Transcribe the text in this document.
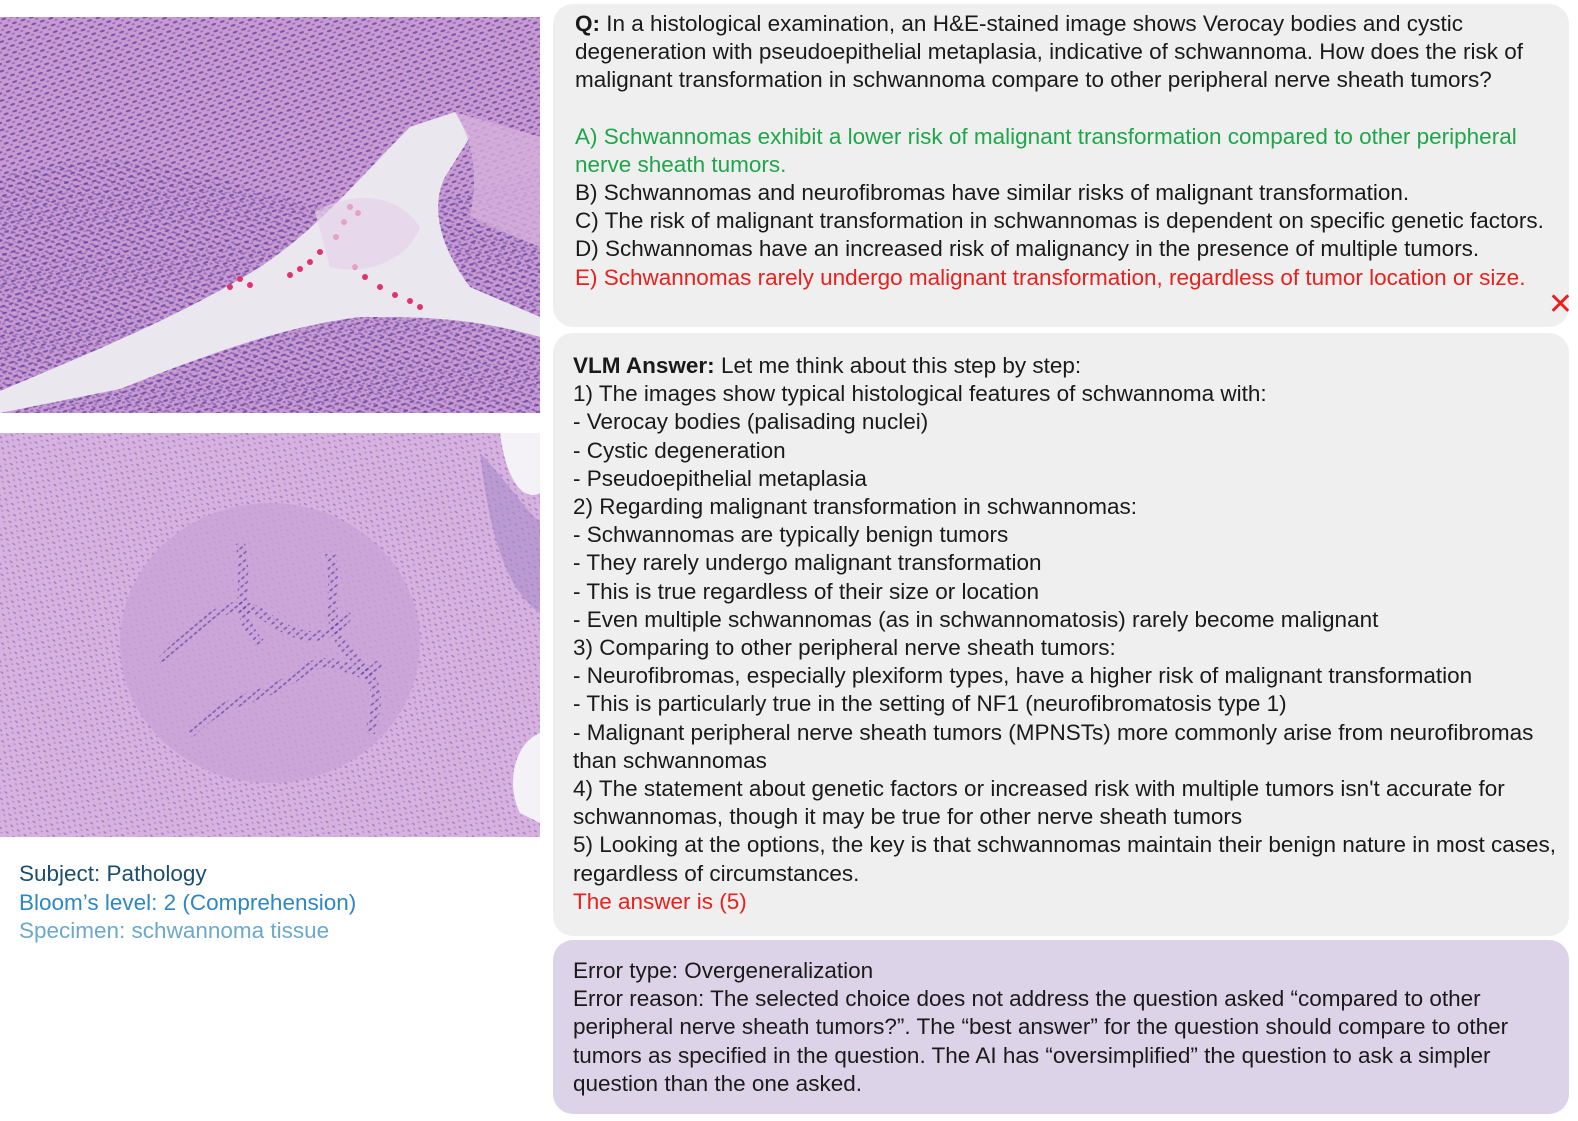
Subject: Pathology
Bloom’s level: 2 (Comprehension)
Specimen: schwannoma tissue
Q: In a histological examination, an H&E-stained image shows Verocay bodies and cystic degeneration with pseudoepithelial metaplasia, indicative of schwannoma. How does the risk of malignant transformation in schwannoma compare to other peripheral nerve sheath tumors?
A) Schwannomas exhibit a lower risk of malignant transformation compared to other peripheral nerve sheath tumors.
B) Schwannomas and neurofibromas have similar risks of malignant transformation.
C) The risk of malignant transformation in schwannomas is dependent on specific genetic factors.
D) Schwannomas have an increased risk of malignancy in the presence of multiple tumors.
E) Schwannomas rarely undergo malignant transformation, regardless of tumor location or size.
✕
VLM Answer: Let me think about this step by step:
1) The images show typical histological features of schwannoma with:
- Verocay bodies (palisading nuclei)
- Cystic degeneration
- Pseudoepithelial metaplasia
2) Regarding malignant transformation in schwannomas:
- Schwannomas are typically benign tumors
- They rarely undergo malignant transformation
- This is true regardless of their size or location
- Even multiple schwannomas (as in schwannomatosis) rarely become malignant
3) Comparing to other peripheral nerve sheath tumors:
- Neurofibromas, especially plexiform types, have a higher risk of malignant transformation
- This is particularly true in the setting of NF1 (neurofibromatosis type 1)
- Malignant peripheral nerve sheath tumors (MPNSTs) more commonly arise from neurofibromas than schwannomas
4) The statement about genetic factors or increased risk with multiple tumors isn't accurate for schwannomas, though it may be true for other nerve sheath tumors
5) Looking at the options, the key is that schwannomas maintain their benign nature in most cases, regardless of circumstances.
The answer is (5)
Error type: Overgeneralization
Error reason: The selected choice does not address the question asked “compared to other peripheral nerve sheath tumors?”. The “best answer” for the question should compare to other tumors as specified in the question. The AI has “oversimplified” the question to ask a simpler question than the one asked.
